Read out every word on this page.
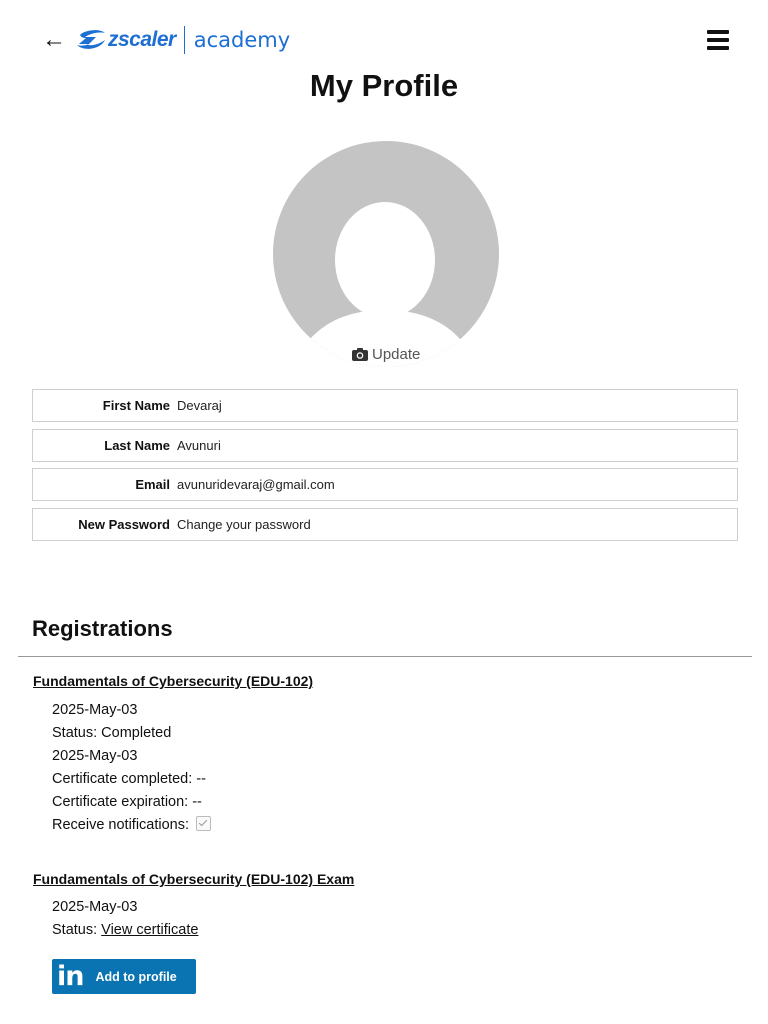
← zscaler academy
My Profile
Update
First Name Devaraj
Last Name Avunuri
Email avunuridevaraj@gmail.com
New Password Change your password
Registrations
Fundamentals of Cybersecurity (EDU-102)
2025-May-03
Status: Completed
2025-May-03
Certificate completed: --
Certificate expiration: --
Receive notifications:
Fundamentals of Cybersecurity (EDU-102) Exam
2025-May-03
Status: View certificate
in Add to profile
